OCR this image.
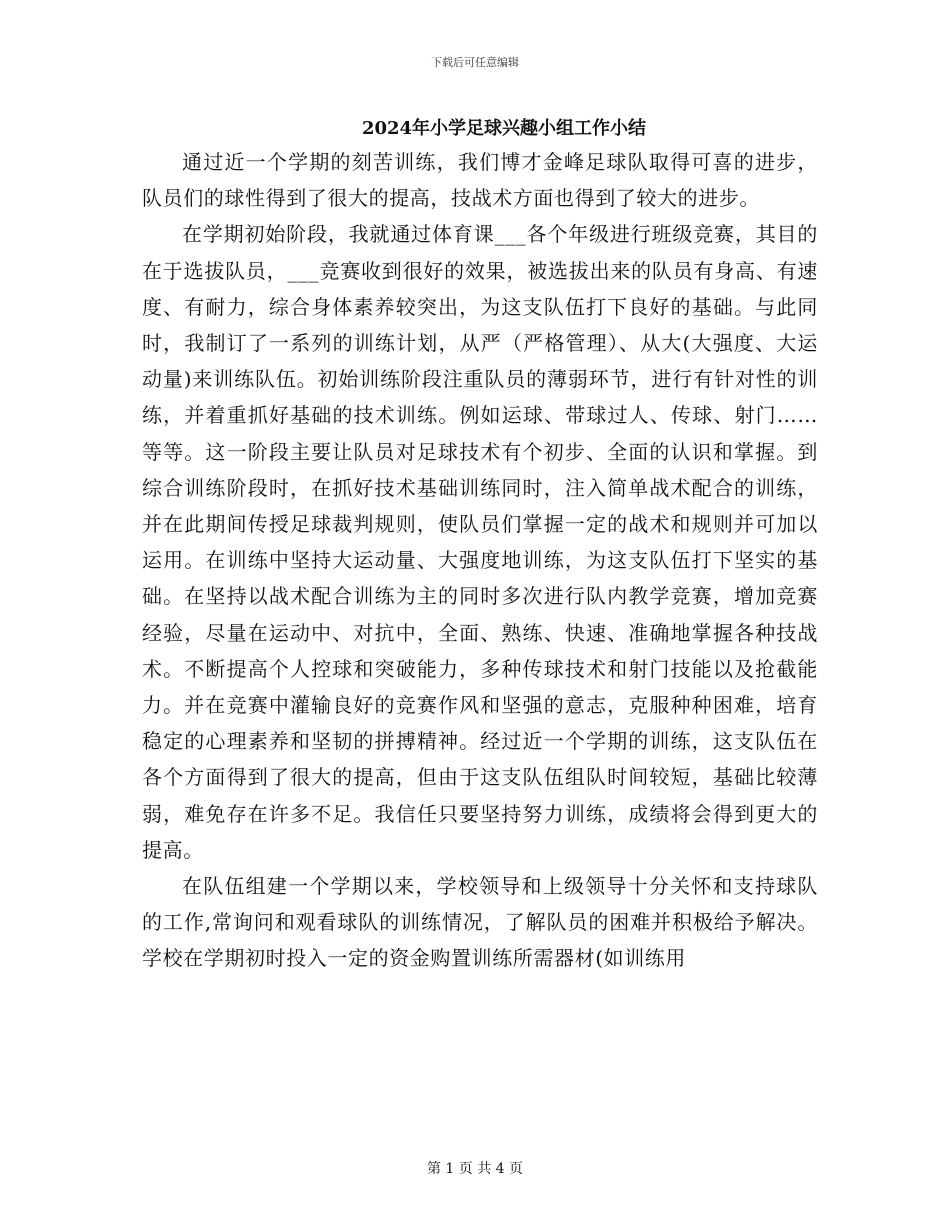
下载后可任意编辑
2024年小学足球兴趣小组工作小结

通过近一个学期的刻苦训练，我们博才金峰足球队取得可喜的进步，队员们的球性得到了很大的提高，技战术方面也得到了较大的进步。

在学期初始阶段，我就通过体育课___各个年级进行班级竞赛，其目的在于选拔队员，___竞赛收到很好的效果，被选拔出来的队员有身高、有速度、有耐力，综合身体素养较突出，为这支队伍打下良好的基础。与此同时，我制订了一系列的训练计划，从严（严格管理）、从大(大强度、大运动量)来训练队伍。初始训练阶段注重队员的薄弱环节，进行有针对性的训练，并着重抓好基础的技术训练。例如运球、带球过人、传球、射门……等等。这一阶段主要让队员对足球技术有个初步、全面的认识和掌握。到综合训练阶段时，在抓好技术基础训练同时，注入简单战术配合的训练，并在此期间传授足球裁判规则，使队员们掌握一定的战术和规则并可加以运用。在训练中坚持大运动量、大强度地训练，为这支队伍打下坚实的基础。在坚持以战术配合训练为主的同时多次进行队内教学竞赛，增加竞赛经验，尽量在运动中、对抗中，全面、熟练、快速、准确地掌握各种技战术。不断提高个人控球和突破能力，多种传球技术和射门技能以及抢截能力。并在竞赛中灌输良好的竞赛作风和坚强的意志，克服种种困难，培育稳定的心理素养和坚韧的拼搏精神。经过近一个学期的训练，这支队伍在各个方面得到了很大的提高，但由于这支队伍组队时间较短，基础比较薄弱，难免存在许多不足。我信任只要坚持努力训练，成绩将会得到更大的提高。

在队伍组建一个学期以来，学校领导和上级领导十分关怀和支持球队的工作,常询问和观看球队的训练情况，了解队员的困难并积极给予解决。学校在学期初时投入一定的资金购置训练所需器材(如训练用

第 1 页 共 4 页
